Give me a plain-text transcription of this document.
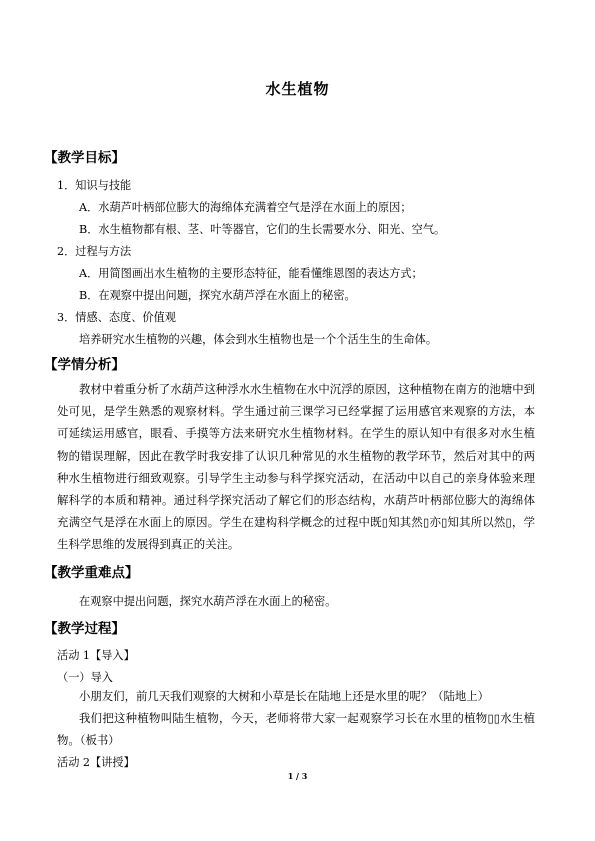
水生植物
【教学目标】
1．知识与技能
A．水葫芦叶柄部位膨大的海绵体充满着空气是浮在水面上的原因；
B．水生植物都有根、茎、叶等器官，它们的生长需要水分、阳光、空气。
2．过程与方法
A．用简图画出水生植物的主要形态特征，能看懂维恩图的表达方式；
B．在观察中提出问题，探究水葫芦浮在水面上的秘密。
3．情感、态度、价值观
培养研究水生植物的兴趣，体会到水生植物也是一个个活生生的生命体。
【学情分析】
教材中着重分析了水葫芦这种浮水水生植物在水中沉浮的原因，这种植物在南方的池塘中到处可见，是学生熟悉的观察材料。学生通过前三课学习已经掌握了运用感官来观察的方法，本可延续运用感官，眼看、手摸等方法来研究水生植物材料。在学生的原认知中有很多对水生植物的错误理解，因此在教学时我安排了认识几种常见的水生植物的教学环节，然后对其中的两种水生植物进行细致观察。引导学生主动参与科学探究活动，在活动中以自己的亲身体验来理解科学的本质和精神。通过科学探究活动了解它们的形态结构，水葫芦叶柄部位膨大的海绵体充满空气是浮在水面上的原因。学生在建构科学概念的过程中既▯知其然▯亦▯知其所以然▯，学生科学思维的发展得到真正的关注。
【教学重难点】
在观察中提出问题，探究水葫芦浮在水面上的秘密。
【教学过程】
活动 1【导入】
（一）导入
小朋友们，前几天我们观察的大树和小草是长在陆地上还是水里的呢？（陆地上）
我们把这种植物叫陆生植物，今天，老师将带大家一起观察学习长在水里的植物▯▯水生植物。（板书）
活动 2【讲授】
1 / 3
